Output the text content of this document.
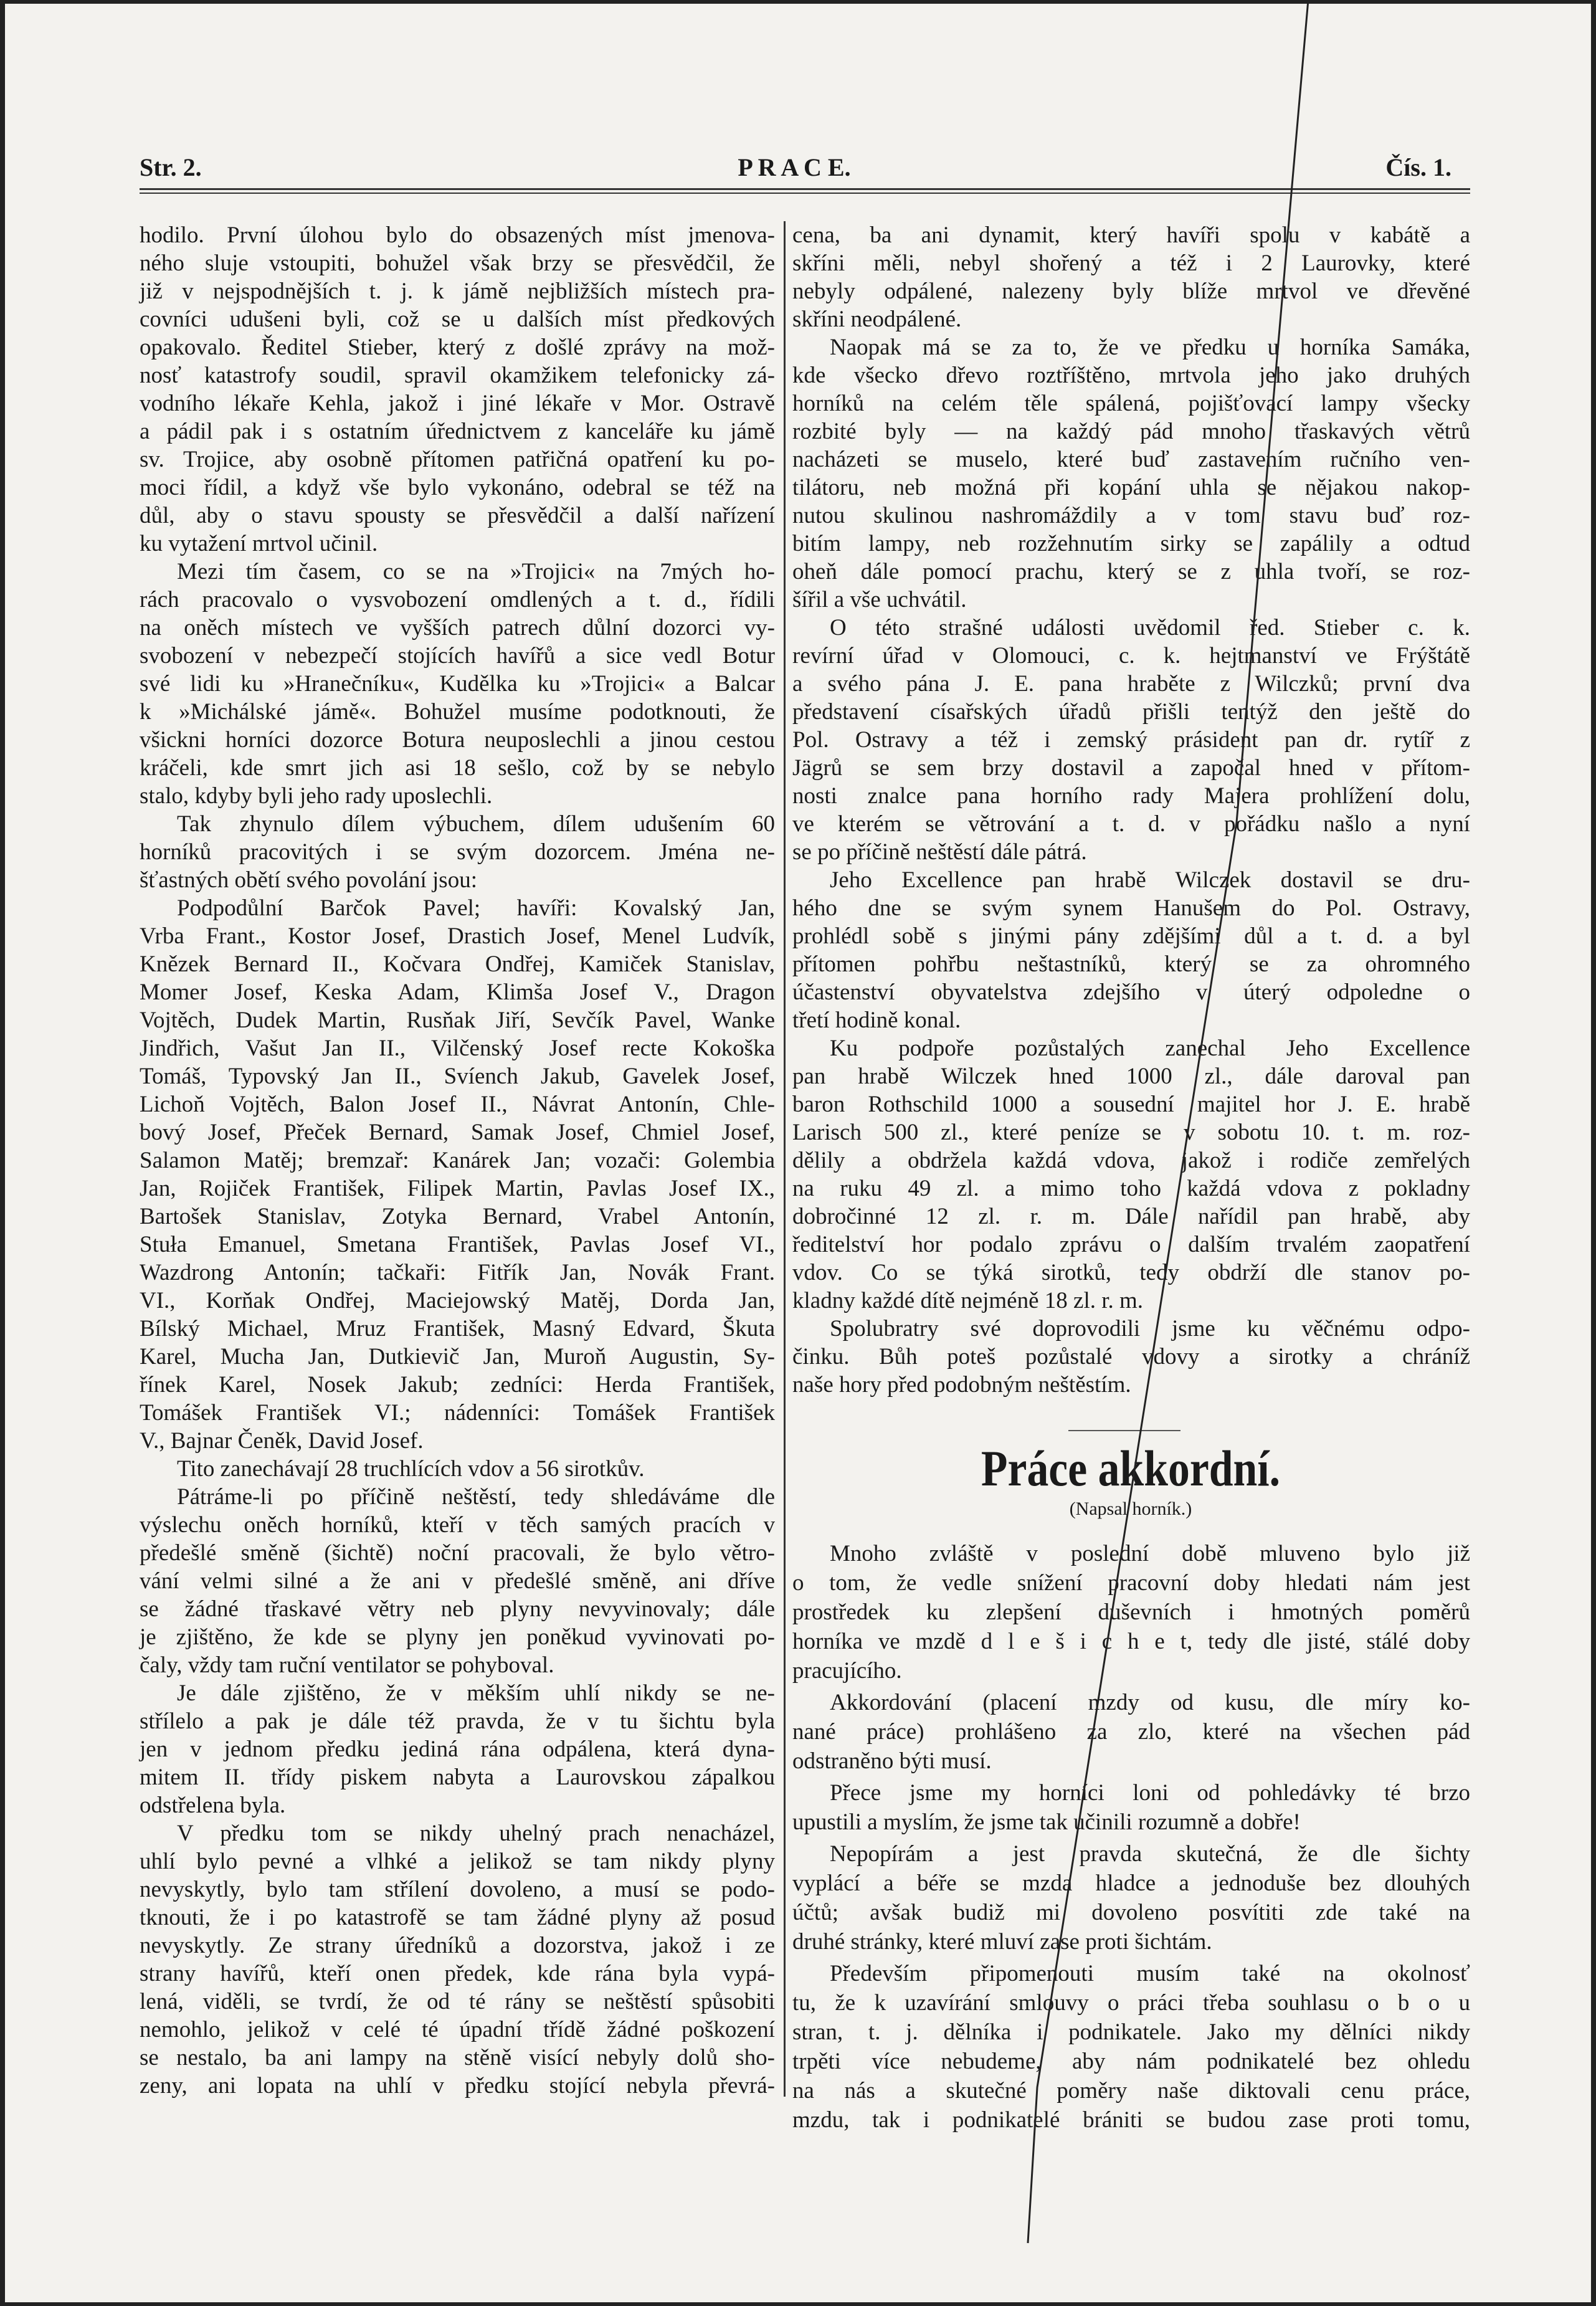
Str. 2.	P R A C E.	Čís. 1.
hodilo. První úlohou bylo do obsazených míst jmenova-
ného sluje vstoupiti, bohužel však brzy se přesvědčil, že
již v nejspodnějších t. j. k jámě nejbližších místech pra-
covníci udušeni byli, což se u dalších míst předkových
opakovalo. Ředitel Stieber, který z došlé zprávy na mož-
nosť katastrofy soudil, spravil okamžikem telefonicky zá-
vodního lékaře Kehla, jakož i jiné lékaře v Mor. Ostravě
a pádil pak i s ostatním úřednictvem z kanceláře ku jámě
sv. Trojice, aby osobně přítomen patřičná opatření ku po-
moci řídil, a když vše bylo vykonáno, odebral se též na
důl, aby o stavu spousty se přesvědčil a další nařízení
ku vytažení mrtvol učinil.
Mezi tím časem, co se na »Trojici« na 7mých ho-
rách pracovalo o vysvobození omdlených a t. d., řídili
na oněch místech ve vyšších patrech důlní dozorci vy-
svobození v nebezpečí stojících havířů a sice vedl Botur
své lidi ku »Hranečníku«, Kudělka ku »Trojici« a Balcar
k »Michálské jámě«. Bohužel musíme podotknouti, že
všickni horníci dozorce Botura neuposlechli a jinou cestou
kráčeli, kde smrt jich asi 18 sešlo, což by se nebylo
stalo, kdyby byli jeho rady uposlechli.
Tak zhynulo dílem výbuchem, dílem udušením 60
horníků pracovitých i se svým dozorcem. Jména ne-
šťastných obětí svého povolání jsou:
Podpodůlní Barčok Pavel; havíři: Kovalský Jan,
Vrba Frant., Kostor Josef, Drastich Josef, Menel Ludvík,
Knězek Bernard II., Kočvara Ondřej, Kamiček Stanislav,
Momer Josef, Keska Adam, Klimša Josef V., Dragon
Vojtěch, Dudek Martin, Rusňak Jiří, Sevčík Pavel, Wanke
Jindřich, Vašut Jan II., Vilčenský Josef recte Kokoška
Tomáš, Typovský Jan II., Svíench Jakub, Gavelek Josef,
Lichoň Vojtěch, Balon Josef II., Návrat Antonín, Chle-
bový Josef, Přeček Bernard, Samak Josef, Chmiel Josef,
Salamon Matěj; bremzař: Kanárek Jan; vozači: Golembia
Jan, Rojiček František, Filipek Martin, Pavlas Josef IX.,
Bartošek Stanislav, Zotyka Bernard, Vrabel Antonín,
Stuła Emanuel, Smetana František, Pavlas Josef VI.,
Wazdrong Antonín; tačkaři: Fitřík Jan, Novák Frant.
VI., Korňak Ondřej, Maciejowský Matěj, Dorda Jan,
Bílský Michael, Mruz František, Masný Edvard, Škuta
Karel, Mucha Jan, Dutkievič Jan, Muroň Augustin, Sy-
řínek Karel, Nosek Jakub; zedníci: Herda František,
Tomášek František VI.; nádenníci: Tomášek František
V., Bajnar Čeněk, David Josef.
Tito zanechávají 28 truchlících vdov a 56 sirotkův.
Pátráme-li po příčině neštěstí, tedy shledáváme dle
výslechu oněch horníků, kteří v těch samých pracích v
předešlé směně (šichtě) noční pracovali, že bylo větro-
vání velmi silné a že ani v předešlé směně, ani dříve
se žádné třaskavé větry neb plyny nevyvinovaly; dále
je zjištěno, že kde se plyny jen poněkud vyvinovati po-
čaly, vždy tam ruční ventilator se pohyboval.
Je dále zjištěno, že v měkším uhlí nikdy se ne-
střílelo a pak je dále též pravda, že v tu šichtu byla
jen v jednom předku jediná rána odpálena, která dyna-
mitem II. třídy piskem nabyta a Laurovskou zápalkou
odstřelena byla.
V předku tom se nikdy uhelný prach nenacházel,
uhlí bylo pevné a vlhké a jelikož se tam nikdy plyny
nevyskytly, bylo tam střílení dovoleno, a musí se podo-
tknouti, že i po katastrofě se tam žádné plyny až posud
nevyskytly. Ze strany úředníků a dozorstva, jakož i ze
strany havířů, kteří onen předek, kde rána byla vypá-
lená, viděli, se tvrdí, že od té rány se neštěstí spůsobiti
nemohlo, jelikož v celé té úpadní třídě žádné poškození
se nestalo, ba ani lampy na stěně visící nebyly dolů sho-
zeny, ani lopata na uhlí v předku stojící nebyla převrá-
cena, ba ani dynamit, který havíři spolu v kabátě a
skříni měli, nebyl shořený a též i 2 Laurovky, které
nebyly odpálené, nalezeny byly blíže mrtvol ve dřevěné
skříni neodpálené.
Naopak má se za to, že ve předku u horníka Samáka,
kde všecko dřevo roztříštěno, mrtvola jeho jako druhých
horníků na celém těle spálená, pojišťovací lampy všecky
rozbité byly — na každý pád mnoho třaskavých větrů
nacházeti se muselo, které buď zastavením ručního ven-
tilátoru, neb možná při kopání uhla se nějakou nakop-
nutou skulinou nashromáždily a v tom stavu buď roz-
bitím lampy, neb rozžehnutím sirky se zapálily a odtud
oheň dále pomocí prachu, který se z uhla tvoří, se roz-
šířil a vše uchvátil.
O této strašné události uvědomil řed. Stieber c. k.
revírní úřad v Olomouci, c. k. hejtmanství ve Frýštátě
a svého pána J. E. pana hraběte z Wilczků; první dva
představení císařských úřadů přišli tentýž den ještě do
Pol. Ostravy a též i zemský prásident pan dr. rytíř z
Jägrů se sem brzy dostavil a započal hned v přítom-
nosti znalce pana horního rady Majera prohlížení dolu,
ve kterém se větrování a t. d. v pořádku našlo a nyní
se po příčině neštěstí dále pátrá.
Jeho Excellence pan hrabě Wilczek dostavil se dru-
hého dne se svým synem Hanušem do Pol. Ostravy,
prohlédl sobě s jinými pány zdějšími důl a t. d. a byl
přítomen pohřbu neštastníků, který se za ohromného
účastenství obyvatelstva zdejšího v úterý odpoledne o
třetí hodině konal.
Ku podpoře pozůstalých zanechal Jeho Excellence
pan hrabě Wilczek hned 1000 zl., dále daroval pan
baron Rothschild 1000 a sousední majitel hor J. E. hrabě
Larisch 500 zl., které peníze se v sobotu 10. t. m. roz-
dělily a obdržela každá vdova, jakož i rodiče zemřelých
na ruku 49 zl. a mimo toho každá vdova z pokladny
dobročinné 12 zl. r. m. Dále nařídil pan hrabě, aby
ředitelství hor podalo zprávu o dalším trvalém zaopatření
vdov. Co se týká sirotků, tedy obdrží dle stanov po-
kladny každé dítě nejméně 18 zl. r. m.
Spolubratry své doprovodili jsme ku věčnému odpo-
činku. Bůh poteš pozůstalé vdovy a sirotky a chráníž
naše hory před podobným neštěstím.
Práce akkordní.
(Napsal horník.)
Mnoho zvláště v poslední době mluveno bylo již
o tom, že vedle snížení pracovní doby hledati nám jest
prostředek ku zlepšení duševních i hmotných poměrů
horníka ve mzdě d l e š i c h e t, tedy dle jisté, stálé doby
pracujícího.
Akkordování (placení mzdy od kusu, dle míry ko-
nané práce) prohlášeno za zlo, které na všechen pád
odstraněno býti musí.
Přece jsme my horníci loni od pohledávky té brzo
upustili a myslím, že jsme tak učinili rozumně a dobře!
Nepopírám a jest pravda skutečná, že dle šichty
vyplácí a béře se mzda hladce a jednoduše bez dlouhých
účtů; avšak budiž mi dovoleno posvítiti zde také na
druhé stránky, které mluví zase proti šichtám.
Především připomenouti musím také na okolnosť
tu, že k uzavírání smlouvy o práci třeba souhlasu o b o u
stran, t. j. dělníka i podnikatele. Jako my dělníci nikdy
trpěti více nebudeme, aby nám podnikatelé bez ohledu
na nás a skutečné poměry naše diktovali cenu práce,
mzdu, tak i podnikatelé brániti se budou zase proti tomu,
